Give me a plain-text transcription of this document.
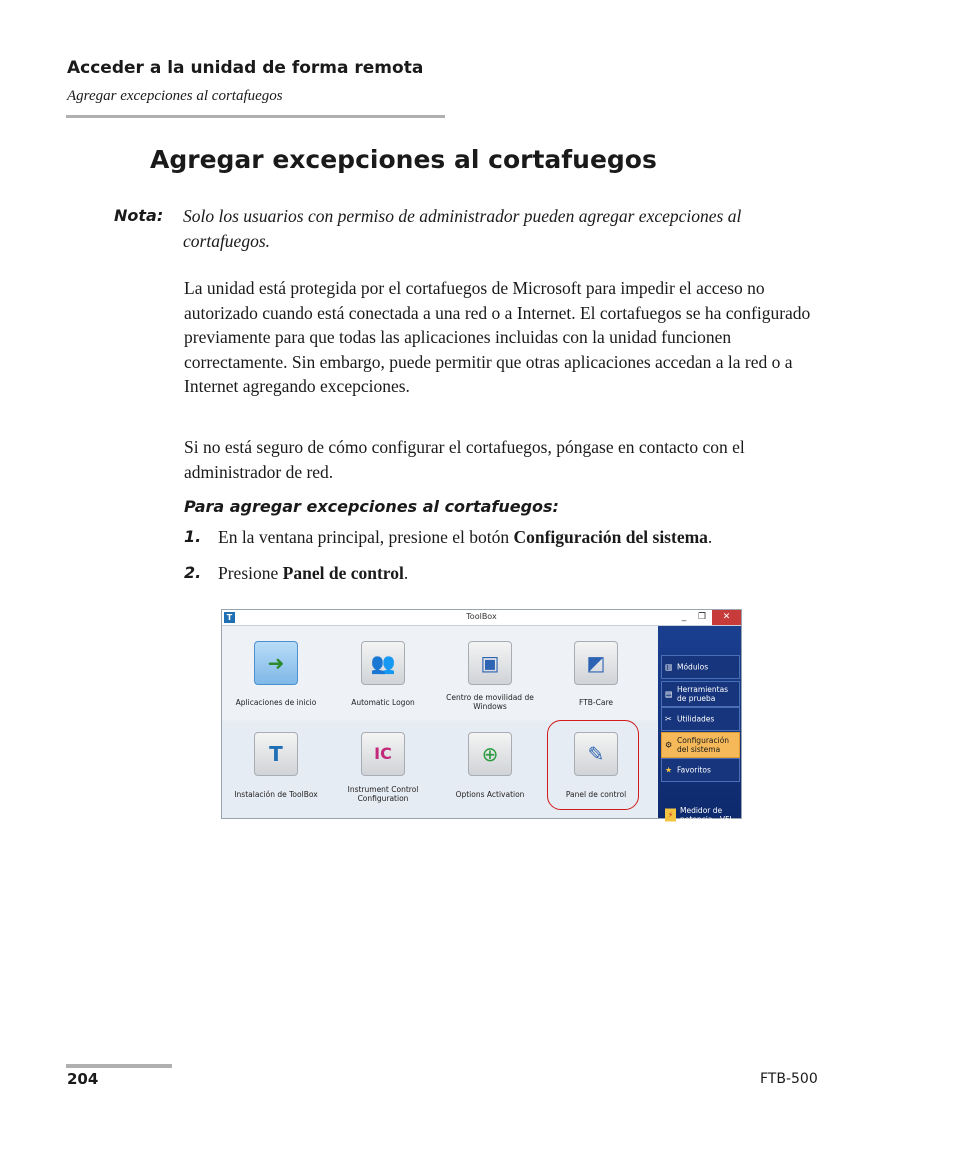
Acceder a la unidad de forma remota
Agregar excepciones al cortafuegos
Agregar excepciones al cortafuegos
Nota: Solo los usuarios con permiso de administrador pueden agregar excepciones al cortafuegos.
La unidad está protegida por el cortafuegos de Microsoft para impedir el acceso no autorizado cuando está conectada a una red o a Internet. El cortafuegos se ha configurado previamente para que todas las aplicaciones incluidas con la unidad funcionen correctamente. Sin embargo, puede permitir que otras aplicaciones accedan a la red o a Internet agregando excepciones.
Si no está seguro de cómo configurar el cortafuegos, póngase en contacto con el administrador de red.
Para agregar excepciones al cortafuegos:
1. En la ventana principal, presione el botón Configuración del sistema.
2. Presione Panel de control.
T	ToolBox	_	❐	✕
➜
Aplicaciones de inicio
👥
Automatic Logon
▣
Centro de movilidad de Windows
◩
FTB-Care
T
Instalación de ToolBox
IC
Instrument Control Configuration
⊕
Options Activation
✎
Panel de control
▥ Módulos
▤ Herramientas de prueba
✂ Utilidades
⚙ Configuración del sistema
★ Favoritos
⚡ Medidor de potencia - VFL
204	FTB-500
